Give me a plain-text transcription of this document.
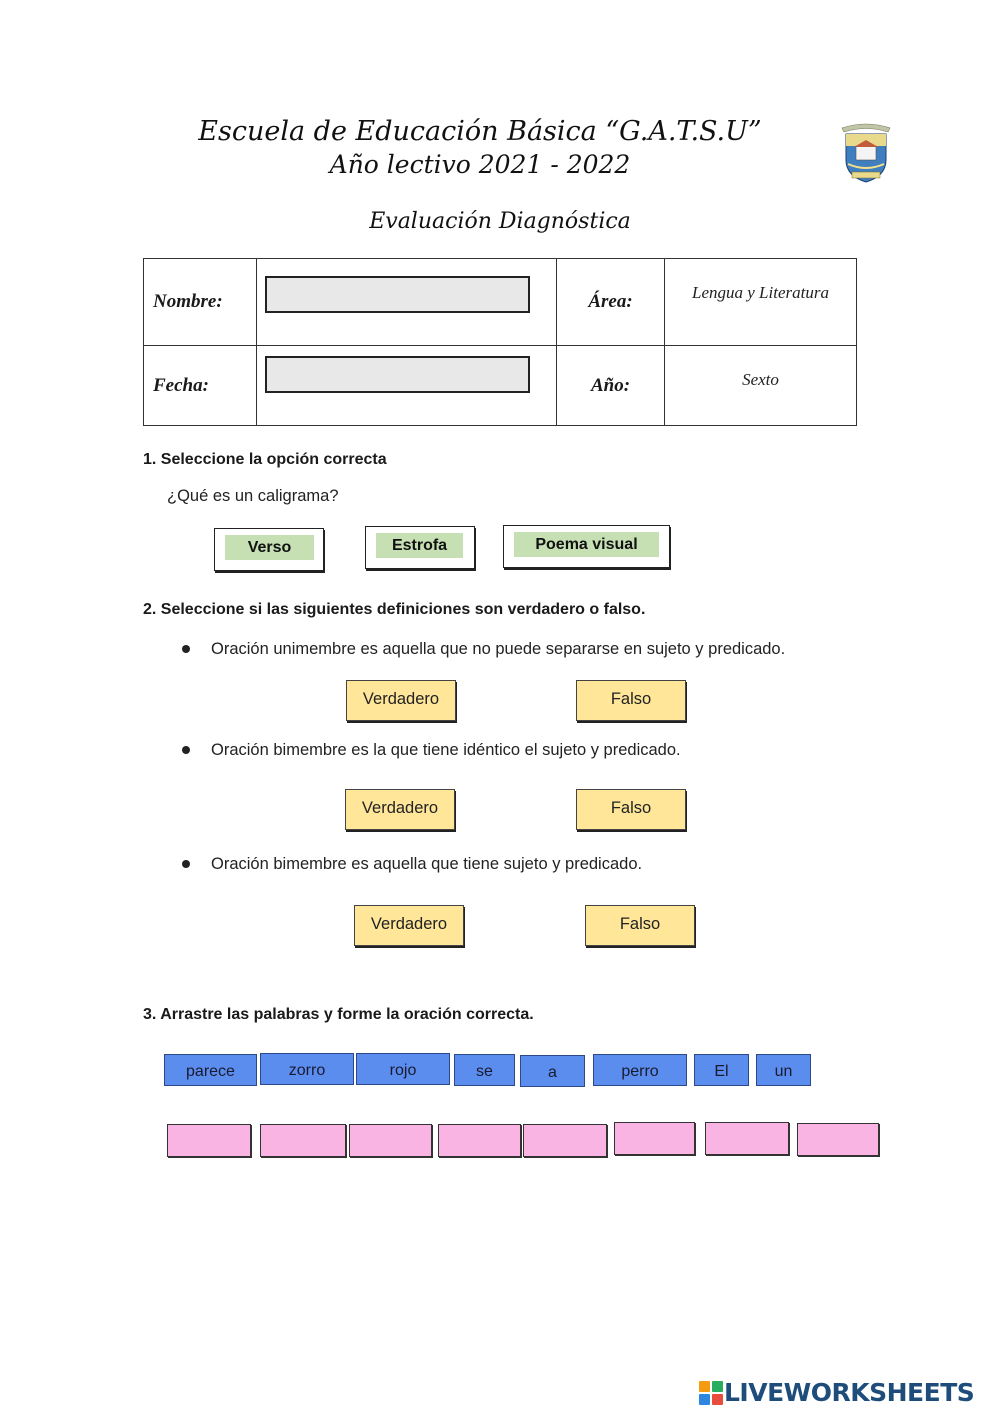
Escuela de Educación Básica “G.A.T.S.U”
Año lectivo 2021 - 2022
Evaluación Diagnóstica
Nombre:		Área:	Lengua y Literatura

Fecha:		Año:	Sexto
1. Seleccione la opción correcta
¿Qué es un caligrama?
Verso	Estrofa	Poema visual
2. Seleccione si las siguientes definiciones son verdadero o falso.
Oración unimembre es aquella que no puede separarse en sujeto y predicado.
Verdadero	Falso
Oración bimembre es la que tiene idéntico el sujeto y predicado.
Verdadero	Falso
Oración bimembre es aquella que tiene sujeto y predicado.
Verdadero	Falso
3. Arrastre las palabras y forme la oración correcta.
parece	zorro	rojo	se	a	perro	El	un
LIVEWORKSHEETS
